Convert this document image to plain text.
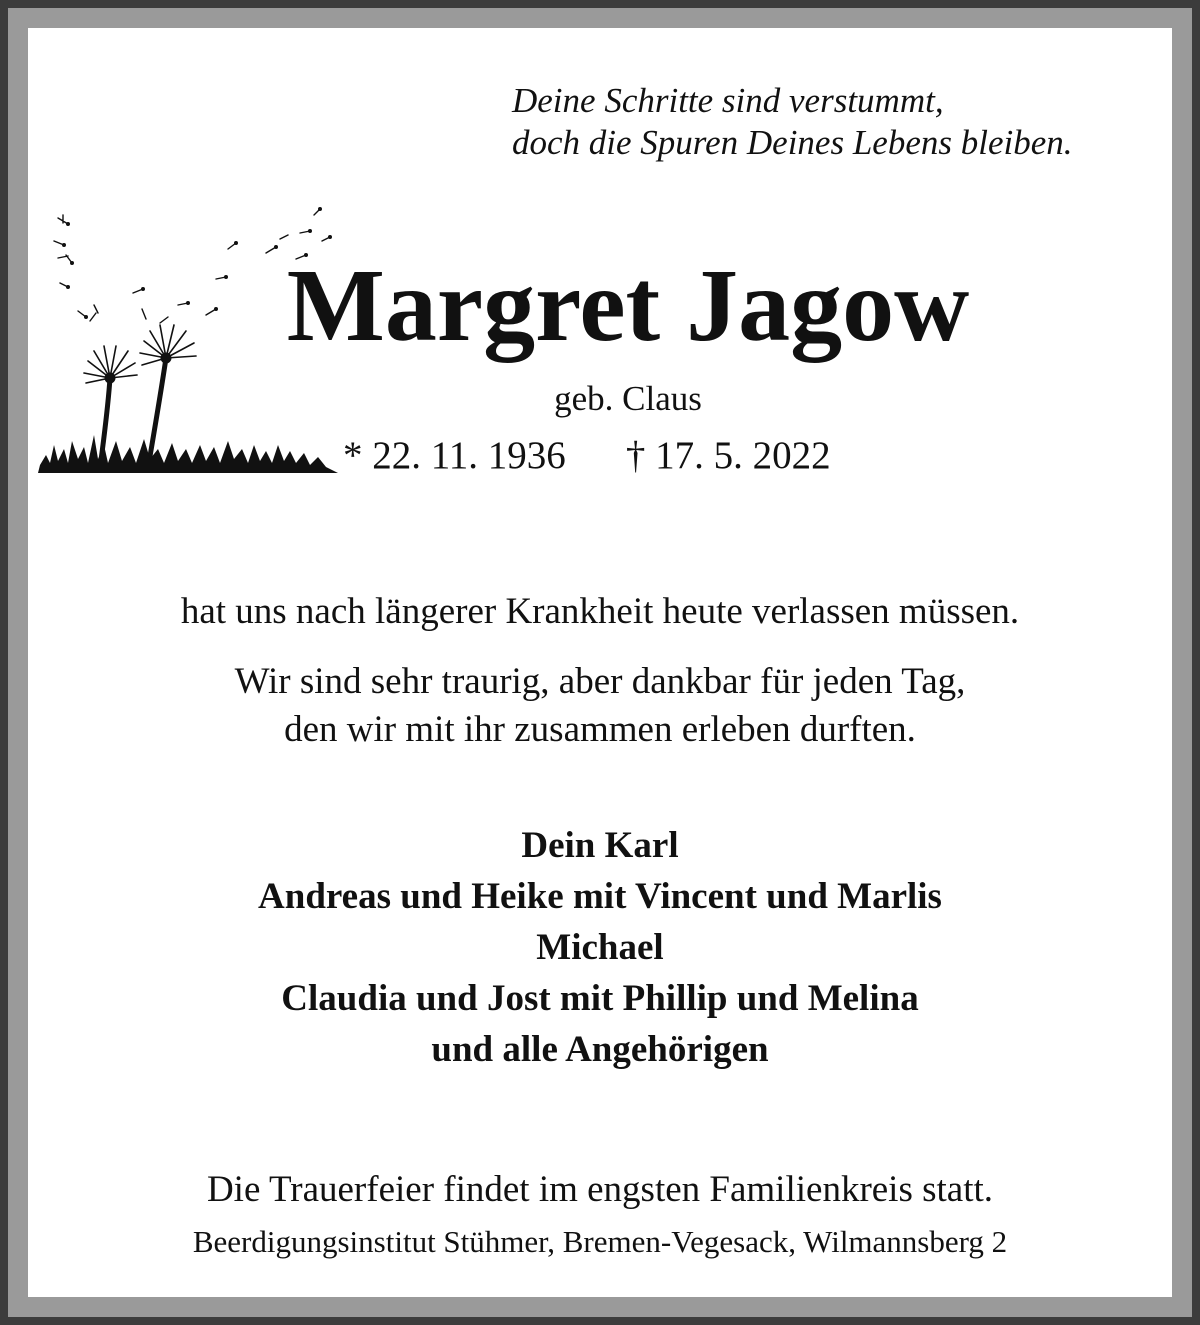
Deine Schritte sind verstummt,
doch die Spuren Deines Lebens bleiben.
Margret Jagow
geb. Claus
* 22. 11. 1936 † 17. 5. 2022
hat uns nach längerer Krankheit heute verlassen müssen.
Wir sind sehr traurig, aber dankbar für jeden Tag,
den wir mit ihr zusammen erleben durften.
Dein Karl
Andreas und Heike mit Vincent und Marlis
Michael
Claudia und Jost mit Phillip und Melina
und alle Angehörigen
Die Trauerfeier findet im engsten Familienkreis statt.
Beerdigungsinstitut Stühmer, Bremen-Vegesack, Wilmannsberg 2
